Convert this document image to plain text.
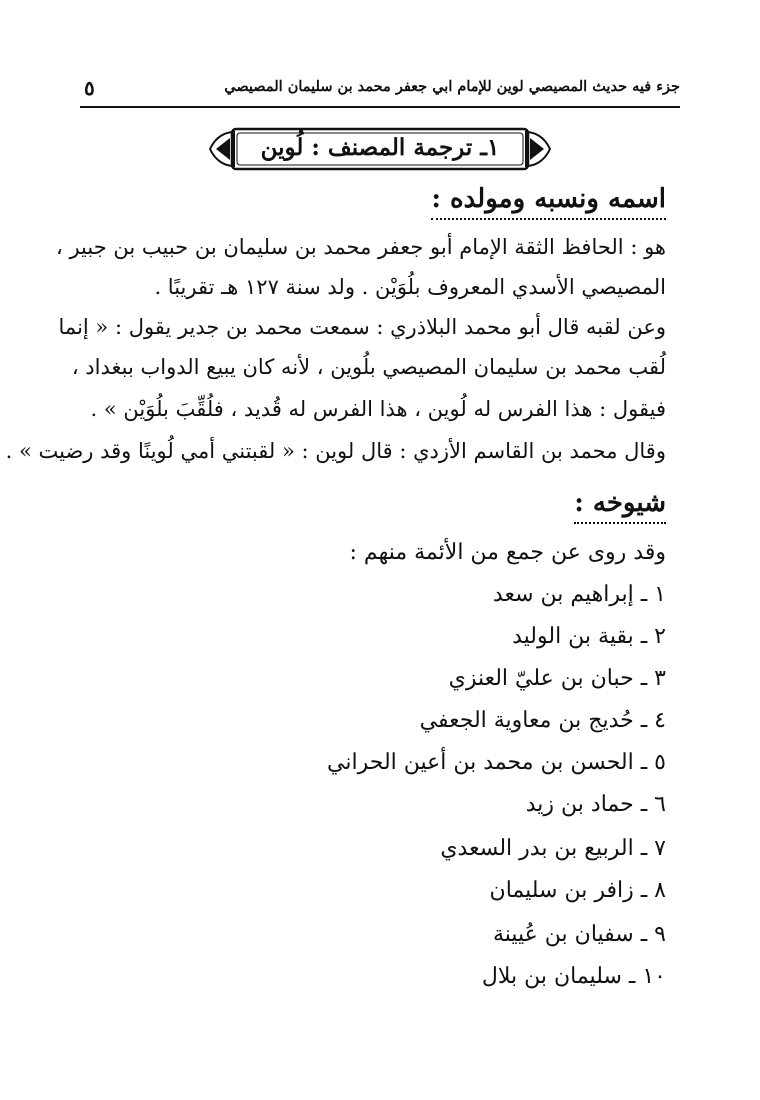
جزء فيه حديث المصيصي لوين للإمام ابي جعفر محمد بن سليمان المصيصي
٥
١ـ ترجمة المصنف : لُوين
اسمه ونسبه ومولده :
هو : الحافظ الثقة الإمام أبو جعفر محمد بن سليمان بن حبيب بن جبير ،
المصيصي الأسدي المعروف بلُوَيْن . ولد سنة ١٢٧ هـ تقريبًا .
وعن لقبه قال أبو محمد البلاذري : سمعت محمد بن جدير يقول : « إنما
لُقب محمد بن سليمان المصيصي بلُوين ، لأنه كان يبيع الدواب ببغداد ،
فيقول : هذا الفرس له لُوين ، هذا الفرس له قُديد ، فلُقِّبَ بلُوَيْن » .
وقال محمد بن القاسم الأزدي : قال لوين : « لقبتني أمي لُوينًا وقد رضيت » .
شيوخه :
وقد روى عن جمع من الأئمة منهم :
١ ـ إبراهيم بن سعد
٢ ـ بقية بن الوليد
٣ ـ حبان بن عليّ العنزي
٤ ـ حُديج بن معاوية الجعفي
٥ ـ الحسن بن محمد بن أعين الحراني
٦ ـ حماد بن زيد
٧ ـ الربيع بن بدر السعدي
٨ ـ زافر بن سليمان
٩ ـ سفيان بن عُيينة
١٠ ـ سليمان بن بلال
